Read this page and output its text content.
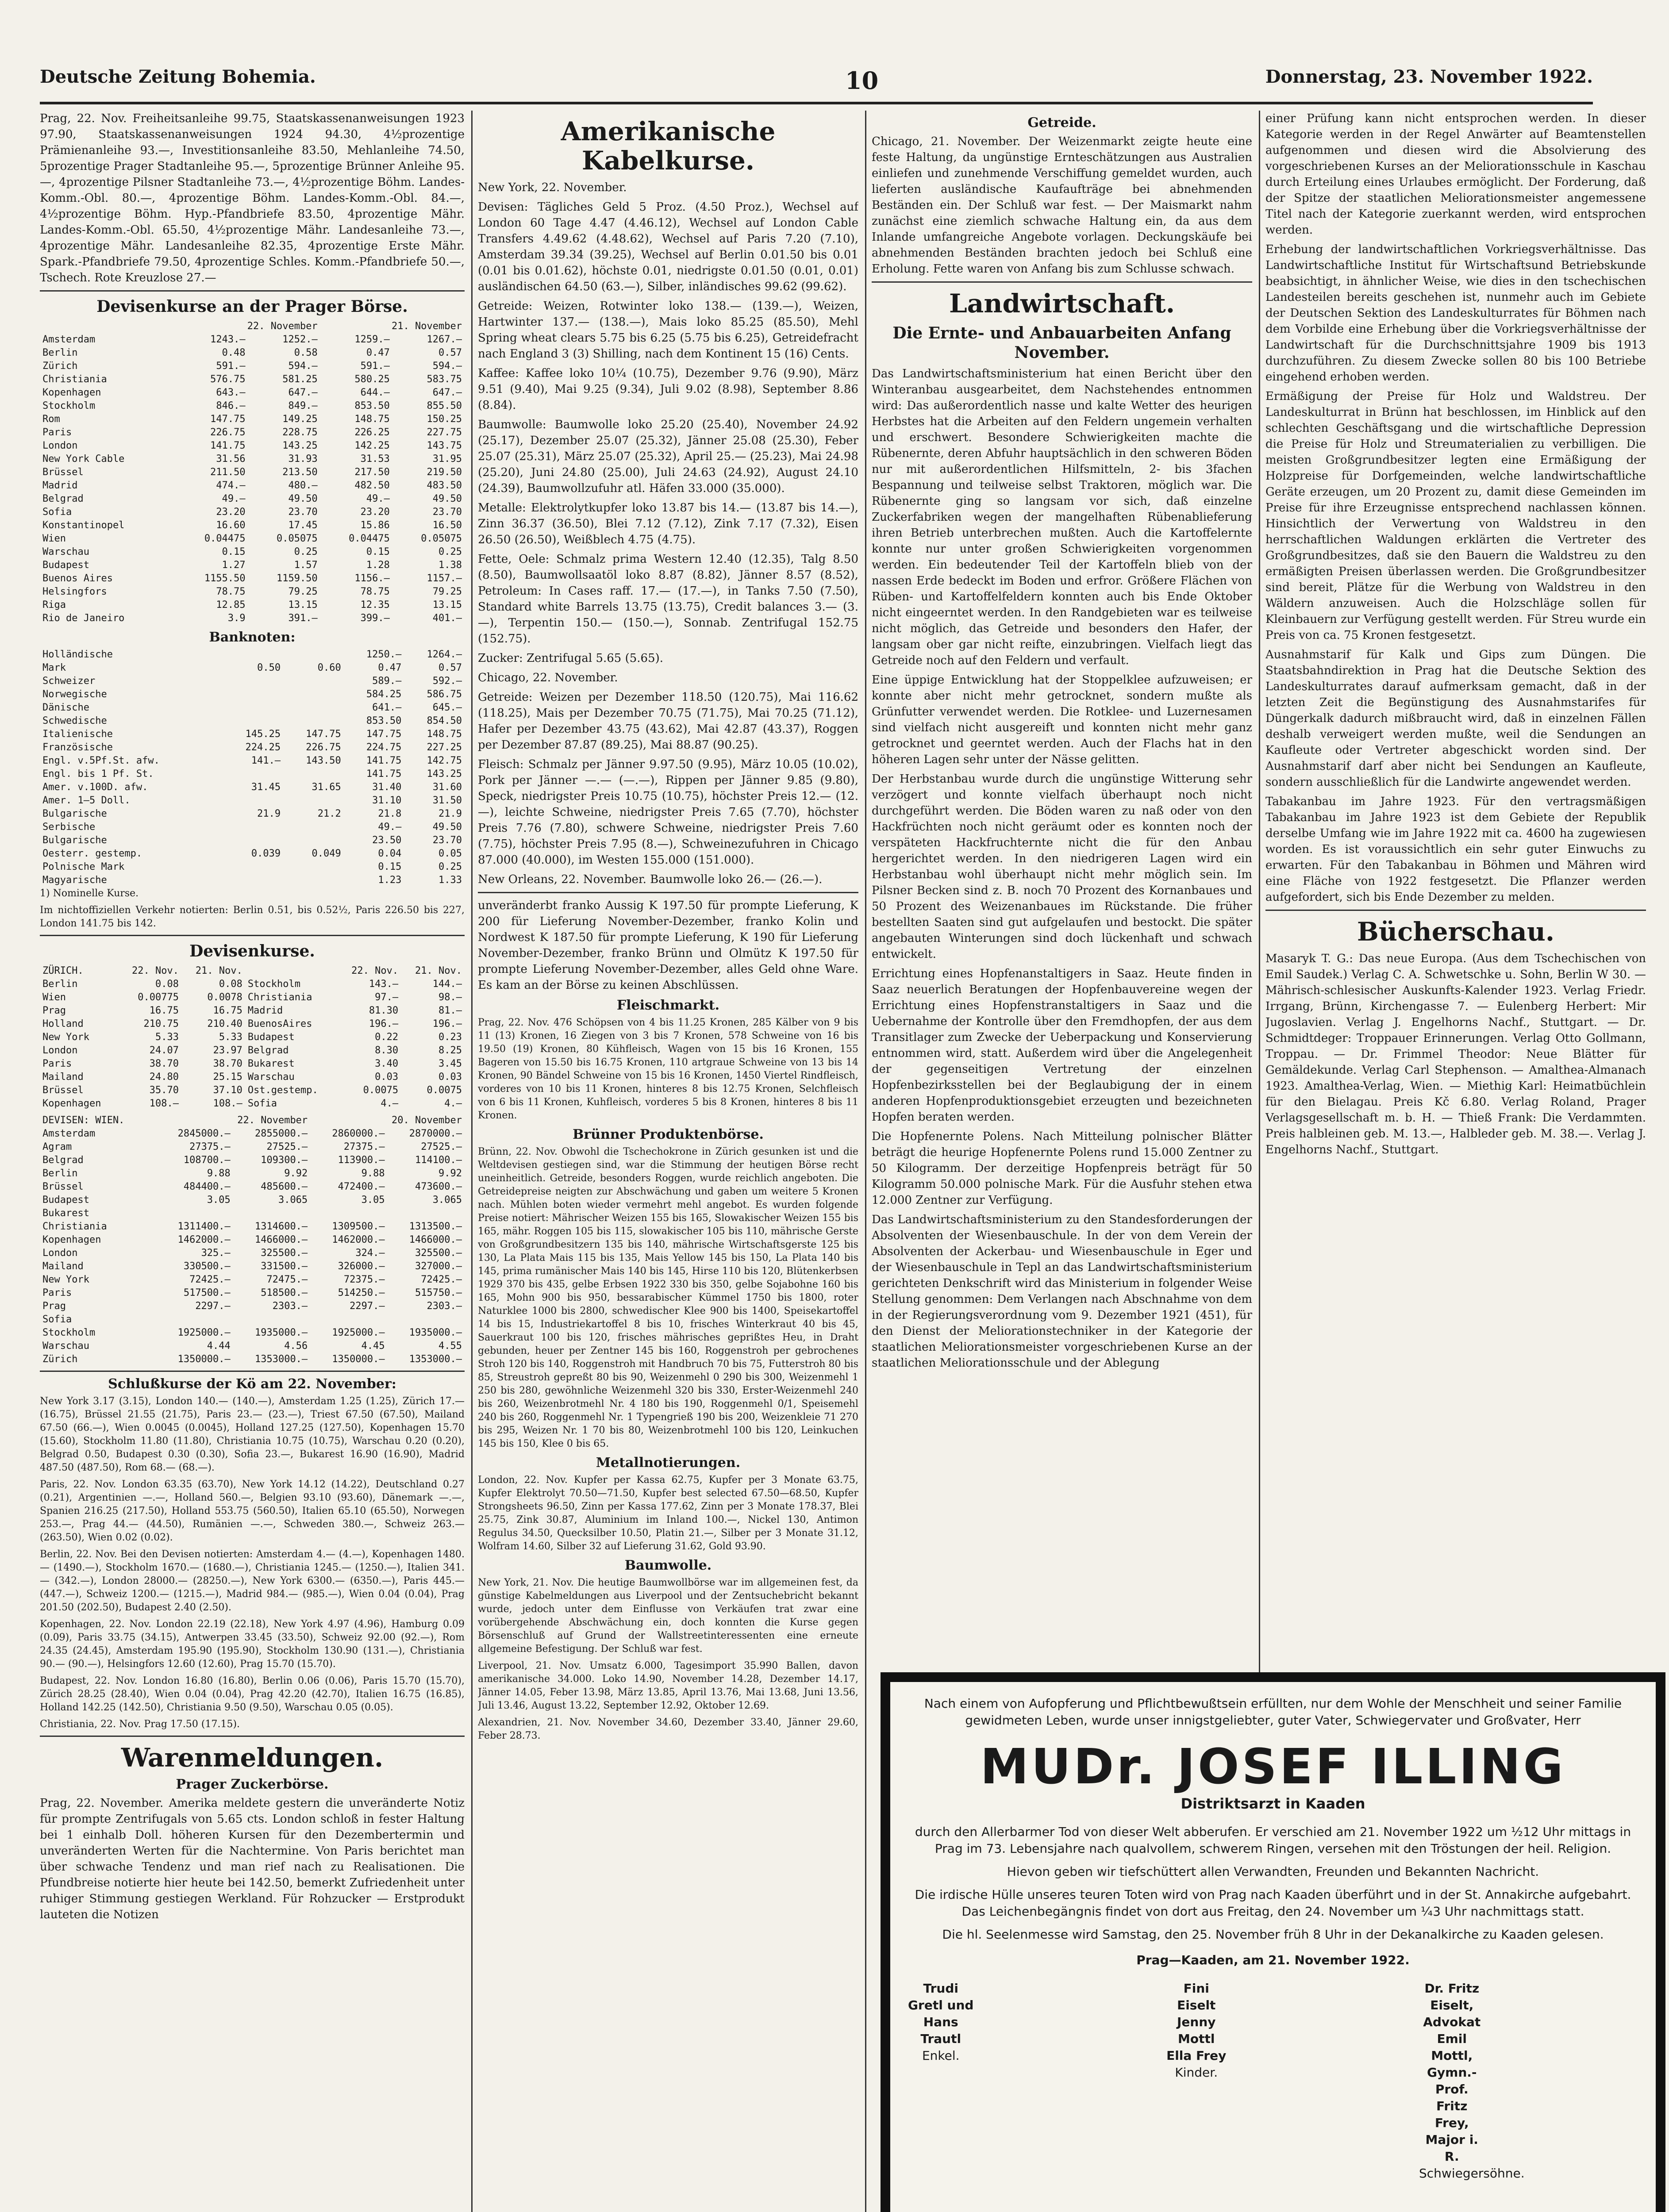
Deutsche Zeitung Bohemia.	10	Donnerstag, 23. November 1922.

Prag, 22. Nov. Freiheitsanleihe 99.75, Staatskassenanweisungen 1923 97.90, Staatskassenanweisungen 1924 94.30, 4½prozentige Prämienanleihe 93.—, Investitionsanleihe 83.50, Mehlanleihe 74.50, 5prozentige Prager Stadtanleihe 95.—, 5prozentige Brünner Anleihe 95.—, 4prozentige Pilsner Stadtanleihe 73.—, 4½prozentige Böhm. Landes-Komm.-Obl. 80.—, 4prozentige Böhm. Landes-Komm.-Obl. 84.—, 4½prozentige Böhm. Hyp.-Pfandbriefe 83.50, 4prozentige Mähr. Landes-Komm.-Obl. 65.50, 4½prozentige Mähr. Landesanleihe 73.—, 4prozentige Mähr. Landesanleihe 82.35, 4prozentige Erste Mähr. Spark.-Pfandbriefe 79.50, 4prozentige Schles. Komm.-Pfandbriefe 50.—, Tschech. Rote Kreuzlose 27.—

Devisenkurse an der Prager Börse.
	22. November		21. November	
Amsterdam	1243.—	1252.—	1259.—	1267.—
Berlin	0.48	0.58	0.47	0.57
Zürich	591.—	594.—	591.—	594.—
Christiania	576.75	581.25	580.25	583.75
Kopenhagen	643.—	647.—	644.—	647.—
Stockholm	846.—	849.—	853.50	855.50
Rom	147.75	149.25	148.75	150.25
Paris	226.75	228.75	226.25	227.75
London	141.75	143.25	142.25	143.75
New York Cable	31.56	31.93	31.53	31.95
Brüssel	211.50	213.50	217.50	219.50
Madrid	474.—	480.—	482.50	483.50
Belgrad	49.—	49.50	49.—	49.50
Sofia	23.20	23.70	23.20	23.70
Konstantinopel	16.60	17.45	15.86	16.50
Wien	0.04475	0.05075	0.04475	0.05075
Warschau	0.15	0.25	0.15	0.25
Budapest	1.27	1.57	1.28	1.38
Buenos Aires	1155.50	1159.50	1156.—	1157.—
Helsingfors	78.75	79.25	78.75	79.25
Riga	12.85	13.15	12.35	13.15
Rio de Janeiro	3.9	391.—	399.—	401.—
Banknoten:
Holländische			1250.—	1264.—
Mark	0.50	0.60	0.47	0.57
Schweizer			589.—	592.—
Norwegische			584.25	586.75
Dänische			641.—	645.—
Schwedische			853.50	854.50
Italienische	145.25	147.75	147.75	148.75
Französische	224.25	226.75	224.75	227.25
Engl. v.5Pf.St. afw.	141.—	143.50	141.75	142.75
Engl. bis 1 Pf. St.			141.75	143.25
Amer. v.100D. afw.	31.45	31.65	31.40	31.60
Amer. 1–5 Doll.			31.10	31.50
Bulgarische	21.9	21.2	21.8	21.9
Serbische			49.—	49.50
Bulgarische			23.50	23.70
Oesterr. gestemp.	0.039	0.049	0.04	0.05
Polnische Mark			0.15	0.25
Magyarische			1.23	1.33

1) Nominelle Kurse.

Im nichtoffiziellen Verkehr notierten: Berlin 0.51, bis 0.52½, Paris 226.50 bis 227, London 141.75 bis 142.

Devisenkurse.
ZÜRICH.	22. Nov.	21. Nov.		22. Nov.	21. Nov.
Berlin	0.08	0.08	Stockholm	143.—	144.—
Wien	0.00775	0.0078	Christiania	97.—	98.—
Prag	16.75	16.75	Madrid	81.30	81.—
Holland	210.75	210.40	BuenosAires	196.—	196.—
New York	5.33	5.33	Budapest	0.22	0.23
London	24.07	23.97	Belgrad	8.30	8.25
Paris	38.70	38.70	Bukarest	3.40	3.45
Mailand	24.80	25.15	Warschau	0.03	0.03
Brüssel	35.70	37.10	Ost.gestemp.	0.0075	0.0075
Kopenhagen	108.—	108.—	Sofia	4.—	4.—
DEVISEN: WIEN.	22. November		20. November	
Amsterdam	2845000.—	2855000.—	2860000.—	2870000.—
Agram	27375.—	27525.—	27375.—	27525.—
Belgrad	108700.—	109300.—	113900.—	114100.—
Berlin	9.88	9.92	9.88	9.92
Brüssel	484400.—	485600.—	472400.—	473600.—
Budapest	3.05	3.065	3.05	3.065
Bukarest				
Christiania	1311400.—	1314600.—	1309500.—	1313500.—
Kopenhagen	1462000.—	1466000.—	1462000.—	1466000.—
London	325.—	325500.—	324.—	325500.—
Mailand	330500.—	331500.—	326000.—	327000.—
New York	72425.—	72475.—	72375.—	72425.—
Paris	517500.—	518500.—	514250.—	515750.—
Prag	2297.—	2303.—	2297.—	2303.—
Sofia				
Stockholm	1925000.—	1935000.—	1925000.—	1935000.—
Warschau	4.44	4.56	4.45	4.55
Zürich	1350000.—	1353000.—	1350000.—	1353000.—
Schlußkurse der Kö am 22. November:

New York 3.17 (3.15), London 140.— (140.—), Amsterdam 1.25 (1.25), Zürich 17.— (16.75), Brüssel 21.55 (21.75), Paris 23.— (23.—), Triest 67.50 (67.50), Mailand 67.50 (66.—), Wien 0.0045 (0.0045), Holland 127.25 (127.50), Kopenhagen 15.70 (15.60), Stockholm 11.80 (11.80), Christiania 10.75 (10.75), Warschau 0.20 (0.20), Belgrad 0.50, Budapest 0.30 (0.30), Sofia 23.—, Bukarest 16.90 (16.90), Madrid 487.50 (487.50), Rom 68.— (68.—).

Paris, 22. Nov. London 63.35 (63.70), New York 14.12 (14.22), Deutschland 0.27 (0.21), Argentinien —.—, Holland 560.—, Belgien 93.10 (93.60), Dänemark —.—, Spanien 216.25 (217.50), Holland 553.75 (560.50), Italien 65.10 (65.50), Norwegen 253.—, Prag 44.— (44.50), Rumänien —.—, Schweden 380.—, Schweiz 263.— (263.50), Wien 0.02 (0.02).

Berlin, 22. Nov. Bei den Devisen notierten: Amsterdam 4.— (4.—), Kopenhagen 1480.— (1490.—), Stockholm 1670.— (1680.—), Christiania 1245.— (1250.—), Italien 341.— (342.—), London 28000.— (28250.—), New York 6300.— (6350.—), Paris 445.— (447.—), Schweiz 1200.— (1215.—), Madrid 984.— (985.—), Wien 0.04 (0.04), Prag 201.50 (202.50), Budapest 2.40 (2.50).

Kopenhagen, 22. Nov. London 22.19 (22.18), New York 4.97 (4.96), Hamburg 0.09 (0.09), Paris 33.75 (34.15), Antwerpen 33.45 (33.50), Schweiz 92.00 (92.—), Rom 24.35 (24.45), Amsterdam 195.90 (195.90), Stockholm 130.90 (131.—), Christiania 90.— (90.—), Helsingfors 12.60 (12.60), Prag 15.70 (15.70).

Budapest, 22. Nov. London 16.80 (16.80), Berlin 0.06 (0.06), Paris 15.70 (15.70), Zürich 28.25 (28.40), Wien 0.04 (0.04), Prag 42.20 (42.70), Italien 16.75 (16.85), Holland 142.25 (142.50), Christiania 9.50 (9.50), Warschau 0.05 (0.05).

Christiania, 22. Nov. Prag 17.50 (17.15).

Warenmeldungen.
Prager Zuckerbörse.

Prag, 22. November. Amerika meldete gestern die unveränderte Notiz für prompte Zentrifugals von 5.65 cts. London schloß in fester Haltung bei 1 einhalb Doll. höheren Kursen für den Dezembertermin und unveränderten Werten für die Nachtermine. Von Paris berichtet man über schwache Tendenz und man rief nach zu Realisationen. Die Pfundbreise notierte hier heute bei 142.50, bemerkt Zufriedenheit unter ruhiger Stimmung gestiegen Werkland. Für Rohzucker — Erstprodukt lauteten die Notizen

Amerikanische Kabelkurse.

New York, 22. November.

Devisen: Tägliches Geld 5 Proz. (4.50 Proz.), Wechsel auf London 60 Tage 4.47 (4.46.12), Wechsel auf London Cable Transfers 4.49.62 (4.48.62), Wechsel auf Paris 7.20 (7.10), Amsterdam 39.34 (39.25), Wechsel auf Berlin 0.01.50 bis 0.01 (0.01 bis 0.01.62), höchste 0.01, niedrigste 0.01.50 (0.01, 0.01) ausländischen 64.50 (63.—), Silber, inländisches 99.62 (99.62).

Getreide: Weizen, Rotwinter loko 138.— (139.—), Weizen, Hartwinter 137.— (138.—), Mais loko 85.25 (85.50), Mehl Spring wheat clears 5.75 bis 6.25 (5.75 bis 6.25), Getreidefracht nach England 3 (3) Shilling, nach dem Kontinent 15 (16) Cents.

Kaffee: Kaffee loko 10¼ (10.75), Dezember 9.76 (9.90), März 9.51 (9.40), Mai 9.25 (9.34), Juli 9.02 (8.98), September 8.86 (8.84).

Baumwolle: Baumwolle loko 25.20 (25.40), November 24.92 (25.17), Dezember 25.07 (25.32), Jänner 25.08 (25.30), Feber 25.07 (25.31), März 25.07 (25.32), April 25.— (25.23), Mai 24.98 (25.20), Juni 24.80 (25.00), Juli 24.63 (24.92), August 24.10 (24.39), Baumwollzufuhr atl. Häfen 33.000 (35.000).

Metalle: Elektrolytkupfer loko 13.87 bis 14.— (13.87 bis 14.—), Zinn 36.37 (36.50), Blei 7.12 (7.12), Zink 7.17 (7.32), Eisen 26.50 (26.50), Weißblech 4.75 (4.75).

Fette, Oele: Schmalz prima Western 12.40 (12.35), Talg 8.50 (8.50), Baumwollsaatöl loko 8.87 (8.82), Jänner 8.57 (8.52), Petroleum: In Cases raff. 17.— (17.—), in Tanks 7.50 (7.50), Standard white Barrels 13.75 (13.75), Credit balances 3.— (3.—), Terpentin 150.— (150.—), Sonnab. Zentrifugal 152.75 (152.75).

Zucker: Zentrifugal 5.65 (5.65).

Chicago, 22. November.

Getreide: Weizen per Dezember 118.50 (120.75), Mai 116.62 (118.25), Mais per Dezember 70.75 (71.75), Mai 70.25 (71.12), Hafer per Dezember 43.75 (43.62), Mai 42.87 (43.37), Roggen per Dezember 87.87 (89.25), Mai 88.87 (90.25).

Fleisch: Schmalz per Jänner 9.97.50 (9.95), März 10.05 (10.02), Pork per Jänner —.— (—.—), Rippen per Jänner 9.85 (9.80), Speck, niedrigster Preis 10.75 (10.75), höchster Preis 12.— (12.—), leichte Schweine, niedrigster Preis 7.65 (7.70), höchster Preis 7.76 (7.80), schwere Schweine, niedrigster Preis 7.60 (7.75), höchster Preis 7.95 (8.—), Schweinezufuhren in Chicago 87.000 (40.000), im Westen 155.000 (151.000).

New Orleans, 22. November. Baumwolle loko 26.— (26.—).

unveränderbt franko Aussig K 197.50 für prompte Lieferung, K 200 für Lieferung November-Dezember, franko Kolin und Nordwest K 187.50 für prompte Lieferung, K 190 für Lieferung November-Dezember, franko Brünn und Olmütz K 197.50 für prompte Lieferung November-Dezember, alles Geld ohne Ware. Es kam an der Börse zu keinen Abschlüssen.

Fleischmarkt.

Prag, 22. Nov. 476 Schöpsen von 4 bis 11.25 Kronen, 285 Kälber von 9 bis 11 (13) Kronen, 16 Ziegen von 3 bis 7 Kronen, 578 Schweine von 16 bis 19.50 (19) Kronen, 80 Kühfleisch, Wagen von 15 bis 16 Kronen, 155 Bageren von 15.50 bis 16.75 Kronen, 110 artgraue Schweine von 13 bis 14 Kronen, 90 Bändel Schweine von 15 bis 16 Kronen, 1450 Viertel Rindfleisch, vorderes von 10 bis 11 Kronen, hinteres 8 bis 12.75 Kronen, Selchfleisch von 6 bis 11 Kronen, Kuhfleisch, vorderes 5 bis 8 Kronen, hinteres 8 bis 11 Kronen.

Brünner Produktenbörse.

Brünn, 22. Nov. Obwohl die Tschechokrone in Zürich gesunken ist und die Weltdevisen gestiegen sind, war die Stimmung der heutigen Börse recht uneinheitlich. Getreide, besonders Roggen, wurde reichlich angeboten. Die Getreidepreise neigten zur Abschwächung und gaben um weitere 5 Kronen nach. Mühlen boten wieder vermehrt mehl angebot. Es wurden folgende Preise notiert: Mährischer Weizen 155 bis 165, Slowakischer Weizen 155 bis 165, mähr. Roggen 105 bis 115, slowakischer 105 bis 110, mährische Gerste von Großgrundbesitzern 135 bis 140, mährische Wirtschaftsgerste 125 bis 130, La Plata Mais 115 bis 135, Mais Yellow 145 bis 150, La Plata 140 bis 145, prima rumänischer Mais 140 bis 145, Hirse 110 bis 120, Blütenkerbsen 1929 370 bis 435, gelbe Erbsen 1922 330 bis 350, gelbe Sojabohne 160 bis 165, Mohn 900 bis 950, bessarabischer Kümmel 1750 bis 1800, roter Naturklee 1000 bis 2800, schwedischer Klee 900 bis 1400, Speisekartoffel 14 bis 15, Industriekartoffel 8 bis 10, frisches Winterkraut 40 bis 45, Sauerkraut 100 bis 120, frisches mährisches geprißtes Heu, in Draht gebunden, heuer per Zentner 145 bis 160, Roggenstroh per gebrochenes Stroh 120 bis 140, Roggenstroh mit Handbruch 70 bis 75, Futterstroh 80 bis 85, Streustroh gepreßt 80 bis 90, Weizenmehl 0 290 bis 300, Weizenmehl 1 250 bis 280, gewöhnliche Weizenmehl 320 bis 330, Erster-Weizenmehl 240 bis 260, Weizenbrotmehl Nr. 4 180 bis 190, Roggenmehl 0/1, Speisemehl 240 bis 260, Roggenmehl Nr. 1 Typengrieß 190 bis 200, Weizenkleie 71 270 bis 295, Weizen Nr. 1 70 bis 80, Weizenbrotmehl 100 bis 120, Leinkuchen 145 bis 150, Klee 0 bis 65.

Metallnotierungen.

London, 22. Nov. Kupfer per Kassa 62.75, Kupfer per 3 Monate 63.75, Kupfer Elektrolyt 70.50—71.50, Kupfer best selected 67.50—68.50, Kupfer Strongsheets 96.50, Zinn per Kassa 177.62, Zinn per 3 Monate 178.37, Blei 25.75, Zink 30.87, Aluminium im Inland 100.—, Nickel 130, Antimon Regulus 34.50, Quecksilber 10.50, Platin 21.—, Silber per 3 Monate 31.12, Wolfram 14.60, Silber 32 auf Lieferung 31.62, Gold 93.90.

Baumwolle.

New York, 21. Nov. Die heutige Baumwollbörse war im allgemeinen fest, da günstige Kabelmeldungen aus Liverpool und der Zentsuchebricht bekannt wurde, jedoch unter dem Einflusse von Verkäufen trat zwar eine vorübergehende Abschwächung ein, doch konnten die Kurse gegen Börsenschluß auf Grund der Wallstreetinteressenten eine erneute allgemeine Befestigung. Der Schluß war fest.

Liverpool, 21. Nov. Umsatz 6.000, Tagesimport 35.990 Ballen, davon amerikanische 34.000. Loko 14.90, November 14.28, Dezember 14.17, Jänner 14.05, Feber 13.98, März 13.85, April 13.76, Mai 13.68, Juni 13.56, Juli 13.46, August 13.22, September 12.92, Oktober 12.69.

Alexandrien, 21. Nov. November 34.60, Dezember 33.40, Jänner 29.60, Feber 28.73.

Getreide.

Chicago, 21. November. Der Weizenmarkt zeigte heute eine feste Haltung, da ungünstige Ernteschätzungen aus Australien einliefen und zunehmende Verschiffung gemeldet wurden, auch lieferten ausländische Kaufaufträge bei abnehmenden Beständen ein. Der Schluß war fest. — Der Maismarkt nahm zunächst eine ziemlich schwache Haltung ein, da aus dem Inlande umfangreiche Angebote vorlagen. Deckungskäufe bei abnehmenden Beständen brachten jedoch bei Schluß eine Erholung. Fette waren von Anfang bis zum Schlusse schwach.

Landwirtschaft.
Die Ernte- und Anbauarbeiten Anfang November.

Das Landwirtschaftsministerium hat einen Bericht über den Winteranbau ausgearbeitet, dem Nachstehendes entnommen wird: Das außerordentlich nasse und kalte Wetter des heurigen Herbstes hat die Arbeiten auf den Feldern ungemein verhalten und erschwert. Besondere Schwierigkeiten machte die Rübenernte, deren Abfuhr hauptsächlich in den schweren Böden nur mit außerordentlichen Hilfsmitteln, 2- bis 3fachen Bespannung und teilweise selbst Traktoren, möglich war. Die Rübenernte ging so langsam vor sich, daß einzelne Zuckerfabriken wegen der mangelhaften Rübenablieferung ihren Betrieb unterbrechen mußten. Auch die Kartoffelernte konnte nur unter großen Schwierigkeiten vorgenommen werden. Ein bedeutender Teil der Kartoffeln blieb von der nassen Erde bedeckt im Boden und erfror. Größere Flächen von Rüben- und Kartoffelfeldern konnten auch bis Ende Oktober nicht eingeerntet werden. In den Randgebieten war es teilweise nicht möglich, das Getreide und besonders den Hafer, der langsam ober gar nicht reifte, einzubringen. Vielfach liegt das Getreide noch auf den Feldern und verfault.

Eine üppige Entwicklung hat der Stoppelklee aufzuweisen; er konnte aber nicht mehr getrocknet, sondern mußte als Grünfutter verwendet werden. Die Rotklee- und Luzernesamen sind vielfach nicht ausgereift und konnten nicht mehr ganz getrocknet und geerntet werden. Auch der Flachs hat in den höheren Lagen sehr unter der Nässe gelitten.

Der Herbstanbau wurde durch die ungünstige Witterung sehr verzögert und konnte vielfach überhaupt noch nicht durchgeführt werden. Die Böden waren zu naß oder von den Hackfrüchten noch nicht geräumt oder es konnten noch der verspäteten Hackfruchternte nicht die für den Anbau hergerichtet werden. In den niedrigeren Lagen wird ein Herbstanbau wohl überhaupt nicht mehr möglich sein. Im Pilsner Becken sind z. B. noch 70 Prozent des Kornanbaues und 50 Prozent des Weizenanbaues im Rückstande. Die früher bestellten Saaten sind gut aufgelaufen und bestockt. Die später angebauten Winterungen sind doch lückenhaft und schwach entwickelt.

Errichtung eines Hopfenanstaltigers in Saaz. Heute finden in Saaz neuerlich Beratungen der Hopfenbauvereine wegen der Errichtung eines Hopfenstranstaltigers in Saaz und die Uebernahme der Kontrolle über den Fremdhopfen, der aus dem Transitlager zum Zwecke der Ueberpackung und Konservierung entnommen wird, statt. Außerdem wird über die Angelegenheit der gegenseitigen Vertretung der einzelnen Hopfenbezirksstellen bei der Beglaubigung der in einem anderen Hopfenproduktionsgebiet erzeugten und bezeichneten Hopfen beraten werden.

Die Hopfenernte Polens. Nach Mitteilung polnischer Blätter beträgt die heurige Hopfenernte Polens rund 15.000 Zentner zu 50 Kilogramm. Der derzeitige Hopfenpreis beträgt für 50 Kilogramm 50.000 polnische Mark. Für die Ausfuhr stehen etwa 12.000 Zentner zur Verfügung.

Das Landwirtschaftsministerium zu den Standesforderungen der Absolventen der Wiesenbauschule. In der von dem Verein der Absolventen der Ackerbau- und Wiesenbauschule in Eger und der Wiesenbauschule in Tepl an das Landwirtschaftsministerium gerichteten Denkschrift wird das Ministerium in folgender Weise Stellung genommen: Dem Verlangen nach Abschnahme von dem in der Regierungsverordnung vom 9. Dezember 1921 (451), für den Dienst der Meliorationstechniker in der Kategorie der staatlichen Meliorationsmeister vorgeschriebenen Kurse an der staatlichen Meliorationsschule und der Ablegung

einer Prüfung kann nicht entsprochen werden. In dieser Kategorie werden in der Regel Anwärter auf Beamtenstellen aufgenommen und diesen wird die Absolvierung des vorgeschriebenen Kurses an der Meliorationsschule in Kaschau durch Erteilung eines Urlaubes ermöglicht. Der Forderung, daß der Spitze der staatlichen Meliorationsmeister angemessene Titel nach der Kategorie zuerkannt werden, wird entsprochen werden.

Erhebung der landwirtschaftlichen Vorkriegsverhältnisse. Das Landwirtschaftliche Institut für Wirtschaftsund Betriebskunde beabsichtigt, in ähnlicher Weise, wie dies in den tschechischen Landesteilen bereits geschehen ist, nunmehr auch im Gebiete der Deutschen Sektion des Landeskulturrates für Böhmen nach dem Vorbilde eine Erhebung über die Vorkriegsverhältnisse der Landwirtschaft für die Durchschnittsjahre 1909 bis 1913 durchzuführen. Zu diesem Zwecke sollen 80 bis 100 Betriebe eingehend erhoben werden.

Ermäßigung der Preise für Holz und Waldstreu. Der Landeskulturrat in Brünn hat beschlossen, im Hinblick auf den schlechten Geschäftsgang und die wirtschaftliche Depression die Preise für Holz und Streumaterialien zu verbilligen. Die meisten Großgrundbesitzer legten eine Ermäßigung der Holzpreise für Dorfgemeinden, welche landwirtschaftliche Geräte erzeugen, um 20 Prozent zu, damit diese Gemeinden im Preise für ihre Erzeugnisse entsprechend nachlassen können. Hinsichtlich der Verwertung von Waldstreu in den herrschaftlichen Waldungen erklärten die Vertreter des Großgrundbesitzes, daß sie den Bauern die Waldstreu zu den ermäßigten Preisen überlassen werden. Die Großgrundbesitzer sind bereit, Plätze für die Werbung von Waldstreu in den Wäldern anzuweisen. Auch die Holzschläge sollen für Kleinbauern zur Verfügung gestellt werden. Für Streu wurde ein Preis von ca. 75 Kronen festgesetzt.

Ausnahmstarif für Kalk und Gips zum Düngen. Die Staatsbahndirektion in Prag hat die Deutsche Sektion des Landeskulturrates darauf aufmerksam gemacht, daß in der letzten Zeit die Begünstigung des Ausnahmstarifes für Düngerkalk dadurch mißbraucht wird, daß in einzelnen Fällen deshalb verweigert werden mußte, weil die Sendungen an Kaufleute oder Vertreter abgeschickt worden sind. Der Ausnahmstarif darf aber nicht bei Sendungen an Kaufleute, sondern ausschließlich für die Landwirte angewendet werden.

Tabakanbau im Jahre 1923. Für den vertragsmäßigen Tabakanbau im Jahre 1923 ist dem Gebiete der Republik derselbe Umfang wie im Jahre 1922 mit ca. 4600 ha zugewiesen worden. Es ist voraussichtlich ein sehr guter Einwuchs zu erwarten. Für den Tabakanbau in Böhmen und Mähren wird eine Fläche von 1922 festgesetzt. Die Pflanzer werden aufgefordert, sich bis Ende Dezember zu melden.

Bücherschau.

Masaryk T. G.: Das neue Europa. (Aus dem Tschechischen von Emil Saudek.) Verlag C. A. Schwetschke u. Sohn, Berlin W 30. — Mährisch-schlesischer Auskunfts-Kalender 1923. Verlag Friedr. Irrgang, Brünn, Kirchengasse 7. — Eulenberg Herbert: Mir Jugoslavien. Verlag J. Engelhorns Nachf., Stuttgart. — Dr. Schmidtdeger: Troppauer Erinnerungen. Verlag Otto Gollmann, Troppau. — Dr. Frimmel Theodor: Neue Blätter für Gemäldekunde. Verlag Carl Stephenson. — Amalthea-Almanach 1923. Amalthea-Verlag, Wien. — Miethig Karl: Heimatbüchlein für den Bielagau. Preis Kč 6.80. Verlag Roland, Prager Verlagsgesellschaft m. b. H. — Thieß Frank: Die Verdammten. Preis halbleinen geb. M. 13.—, Halbleder geb. M. 38.—. Verlag J. Engelhorns Nachf., Stuttgart.

Nach einem von Aufopferung und Pflichtbewußtsein erfüllten, nur dem Wohle der Menschheit und seiner Familie gewidmeten Leben, wurde unser innigstgeliebter, guter Vater, Schwiegervater und Großvater, Herr
MUDr. JOSEF ILLING
Distriktsarzt in Kaaden
durch den Allerbarmer Tod von dieser Welt abberufen. Er verschied am 21. November 1922 um ½12 Uhr mittags in Prag im 73. Lebensjahre nach qualvollem, schwerem Ringen, versehen mit den Tröstungen der heil. Religion.
Hievon geben wir tiefschüttert allen Verwandten, Freunden und Bekannten Nachricht.
Die irdische Hülle unseres teuren Toten wird von Prag nach Kaaden überführt und in der St. Annakirche aufgebahrt. Das Leichenbegängnis findet von dort aus Freitag, den 24. November um ¼3 Uhr nachmittags statt.
Die hl. Seelenmesse wird Samstag, den 25. November früh 8 Uhr in der Dekanalkirche zu Kaaden gelesen.
Prag—Kaaden, am 21. November 1922.
Trudi
Gretl und Hans
Trautl
Enkel.
Fini Eiselt
Jenny Mottl
Ella Frey
Kinder.
Dr. Fritz Eiselt, Advokat
Emil Mottl, Gymn.-Prof.
Fritz Frey, Major i. R.
Schwiegersöhne.
